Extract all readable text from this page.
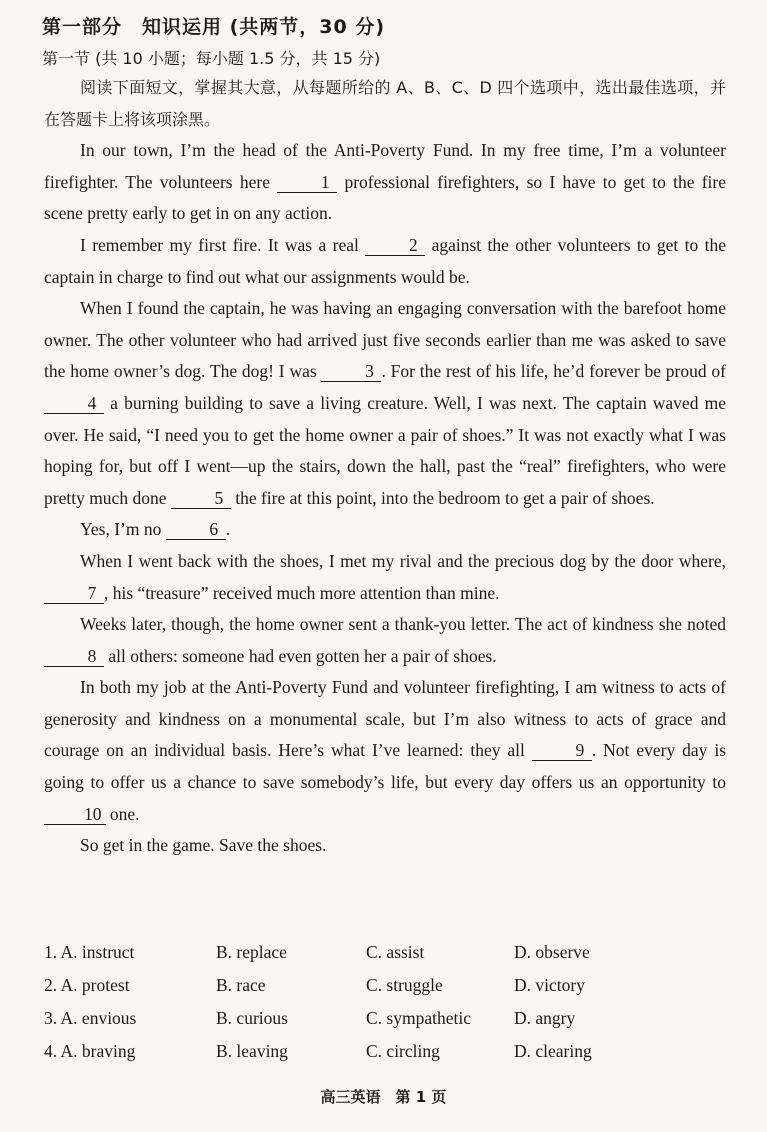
第一部分　知识运用 (共两节，30 分)
第一节 (共 10 小题；每小题 1.5 分，共 15 分)

阅读下面短文，掌握其大意，从每题所给的 A、B、C、D 四个选项中，选出最佳选项，并在答题卡上将该项涂黑。

In our town, I’m the head of the Anti-Poverty Fund. In my free time, I’m a volunteer firefighter. The volunteers here 1 professional firefighters, so I have to get to the fire scene pretty early to get in on any action.

I remember my first fire. It was a real 2 against the other volunteers to get to the captain in charge to find out what our assignments would be.

When I found the captain, he was having an engaging conversation with the barefoot home owner. The other volunteer who had arrived just five seconds earlier than me was asked to save the home owner’s dog. The dog! I was 3 . For the rest of his life, he’d forever be proud of 4 a burning building to save a living creature. Well, I was next. The captain waved me over. He said, “I need you to get the home owner a pair of shoes.” It was not exactly what I was hoping for, but off I went—up the stairs, down the hall, past the “real” firefighters, who were pretty much done 5 the fire at this point, into the bedroom to get a pair of shoes.

Yes, I’m no 6 .

When I went back with the shoes, I met my rival and the precious dog by the door where, 7 , his “treasure” received much more attention than mine.

Weeks later, though, the home owner sent a thank-you letter. The act of kindness she noted 8 all others: someone had even gotten her a pair of shoes.

In both my job at the Anti-Poverty Fund and volunteer firefighting, I am witness to acts of generosity and kindness on a monumental scale, but I’m also witness to acts of grace and courage on an individual basis. Here’s what I’ve learned: they all 9 . Not every day is going to offer us a chance to save somebody’s life, but every day offers us an opportunity to 10 one.

So get in the game. Save the shoes.

1. A. instruct	B. replace	C. assist	D. observe
2. A. protest	B. race	C. struggle	D. victory
3. A. envious	B. curious	C. sympathetic	D. angry
4. A. braving	B. leaving	C. circling	D. clearing
高三英语　第 1 页
